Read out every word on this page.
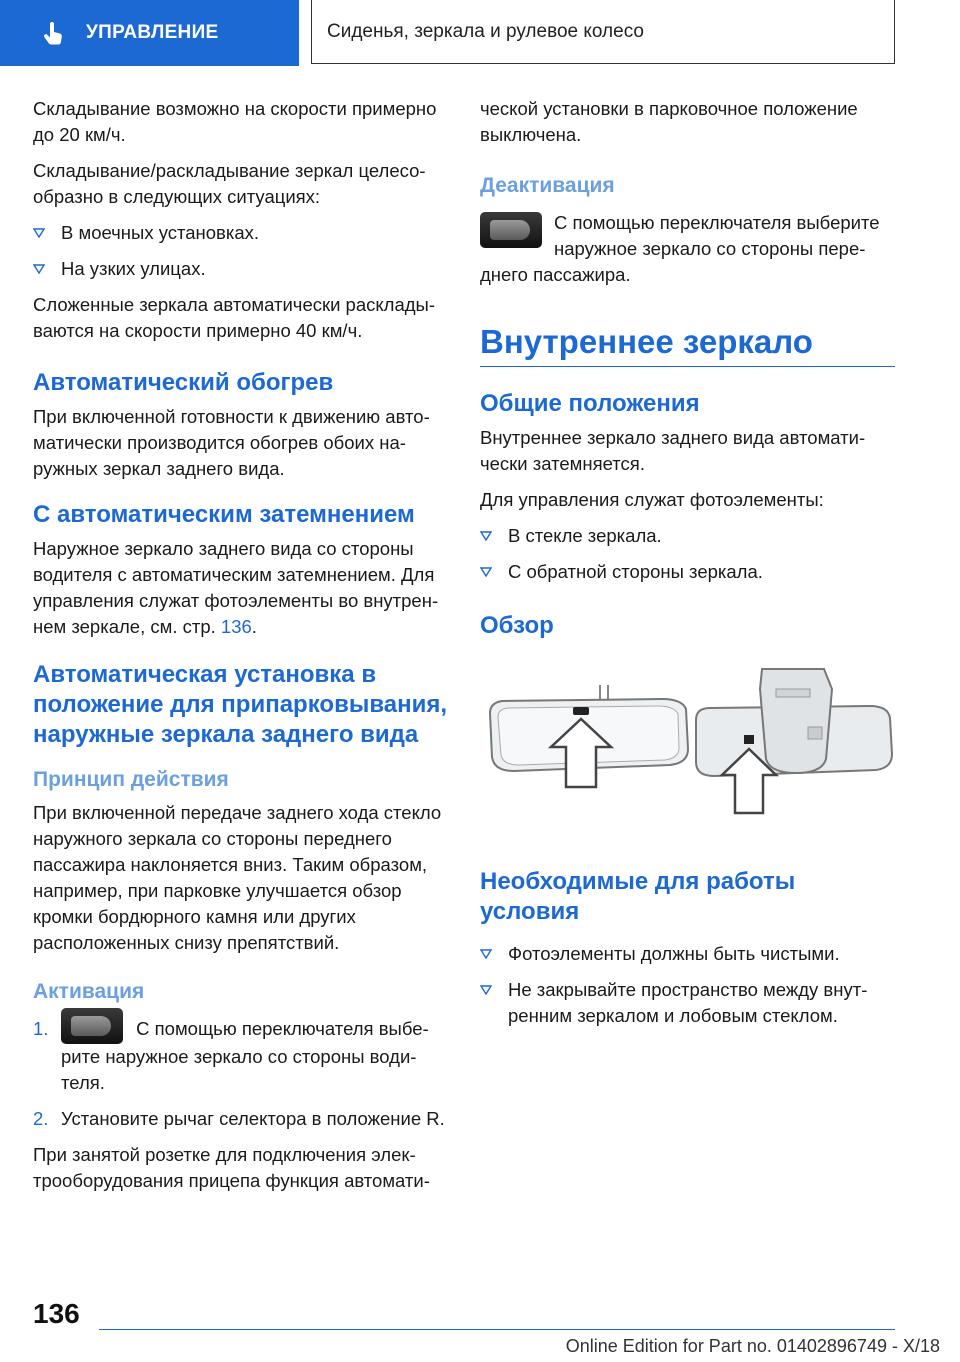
УПРАВЛЕНИЕ	Сиденья, зеркала и рулевое колесо

Складывание возможно на скорости примерно до 20 км/ч.

Складывание/раскладывание зеркал целесообразно в следующих ситуациях:

В моечных установках.
На узких улицах.

Сложенные зеркала автоматически раскладываются на скорости примерно 40 км/ч.

Автоматический обогрев

При включенной готовности к движению автоматически производится обогрев обоих наружных зеркал заднего вида.

С автоматическим затемнением

Наружное зеркало заднего вида со стороны водителя с автоматическим затемнением. Для управления служат фотоэлементы во внутреннем зеркале, см. стр. 136.

Автоматическая установка в положение для припарковывания, наружные зеркала заднего вида
Принцип действия

При включенной передаче заднего хода стекло наружного зеркала со стороны переднего пассажира наклоняется вниз. Таким образом, например, при парковке улучшается обзор кромки бордюрного камня или других расположенных снизу препятствий.

Активация
1.	С помощью переключателя выберите наружное зеркало со стороны водителя.
2. Установите рычаг селектора в положение R.

При занятой розетке для подключения электрооборудования прицепа функция автомати-

ческой установки в парковочное положение выключена.

Деактивация

С помощью переключателя выберите наружное зеркало со стороны переднего пассажира.

Внутреннее зеркало
Общие положения

Внутреннее зеркало заднего вида автоматически затемняется.

Для управления служат фотоэлементы:

В стекле зеркала.
С обратной стороны зеркала.
Обзор
Необходимые для работы условия
Фотоэлементы должны быть чистыми.
Не закрывайте пространство между внутренним зеркалом и лобовым стеклом.
136
Online Edition for Part no. 01402896749 - X/18
